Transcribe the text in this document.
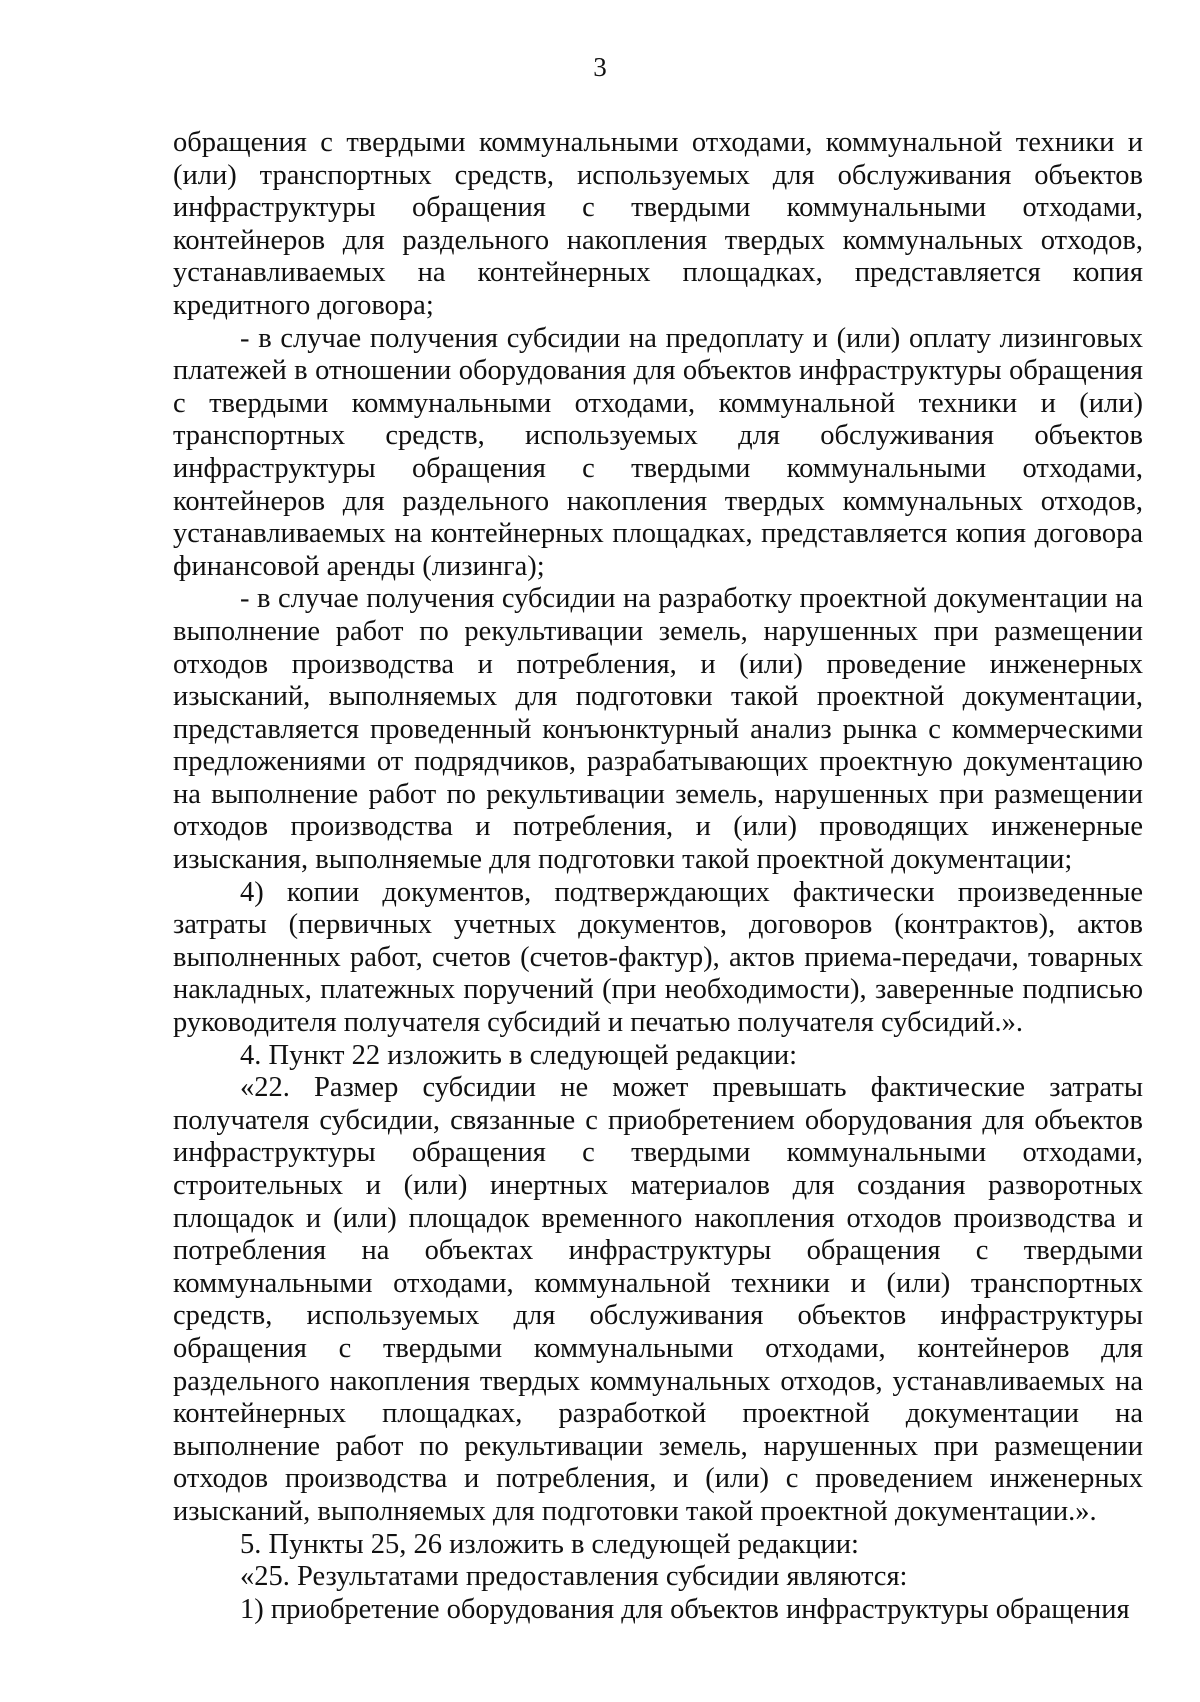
3

обращения с твердыми коммунальными отходами, коммунальной техники и (или) транспортных средств, используемых для обслуживания объектов инфраструктуры обращения с твердыми коммунальными отходами, контейнеров для раздельного накопления твердых коммунальных отходов, устанавливаемых на контейнерных площадках, представляется копия кредитного договора;

- в случае получения субсидии на предоплату и (или) оплату лизинговых платежей в отношении оборудования для объектов инфраструктуры обращения с твердыми коммунальными отходами, коммунальной техники и (или) транспортных средств, используемых для обслуживания объектов инфраструктуры обращения с твердыми коммунальными отходами, контейнеров для раздельного накопления твердых коммунальных отходов, устанавливаемых на контейнерных площадках, представляется копия договора финансовой аренды (лизинга);

- в случае получения субсидии на разработку проектной документации на выполнение работ по рекультивации земель, нарушенных при размещении отходов производства и потребления, и (или) проведение инженерных изысканий, выполняемых для подготовки такой проектной документации, представляется проведенный конъюнктурный анализ рынка с коммерческими предложениями от подрядчиков, разрабатывающих проектную документацию на выполнение работ по рекультивации земель, нарушенных при размещении отходов производства и потребления, и (или) проводящих инженерные изыскания, выполняемые для подготовки такой проектной документации;

4) копии документов, подтверждающих фактически произведенные затраты (первичных учетных документов, договоров (контрактов), актов выполненных работ, счетов (счетов-фактур), актов приема-передачи, товарных накладных, платежных поручений (при необходимости), заверенные подписью руководителя получателя субсидий и печатью получателя субсидий.».

4. Пункт 22 изложить в следующей редакции:

«22. Размер субсидии не может превышать фактические затраты получателя субсидии, связанные с приобретением оборудования для объектов инфраструктуры обращения с твердыми коммунальными отходами, строительных и (или) инертных материалов для создания разворотных площадок и (или) площадок временного накопления отходов производства и потребления на объектах инфраструктуры обращения с твердыми коммунальными отходами, коммунальной техники и (или) транспортных средств, используемых для обслуживания объектов инфраструктуры обращения с твердыми коммунальными отходами, контейнеров для раздельного накопления твердых коммунальных отходов, устанавливаемых на контейнерных площадках, разработкой проектной документации на выполнение работ по рекультивации земель, нарушенных при размещении отходов производства и потребления, и (или) с проведением инженерных изысканий, выполняемых для подготовки такой проектной документации.».

5. Пункты 25, 26 изложить в следующей редакции:

«25. Результатами предоставления субсидии являются:

1) приобретение оборудования для объектов инфраструктуры обращения
